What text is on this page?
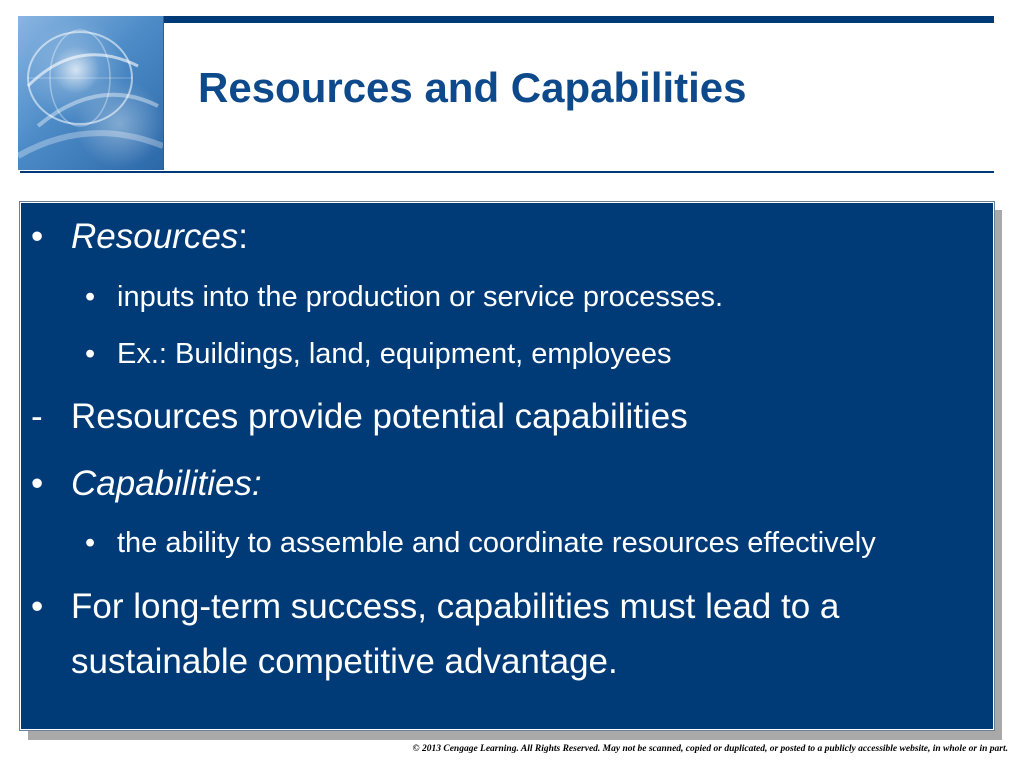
Resources and Capabilities
• Resources:
• inputs into the production or service processes.
• Ex.: Buildings, land, equipment, employees
- Resources provide potential capabilities
• Capabilities:
• the ability to assemble and coordinate resources effectively
• For long-term success, capabilities must lead to a
sustainable competitive advantage.
© 2013 Cengage Learning. All Rights Reserved. May not be scanned, copied or duplicated, or posted to a publicly accessible website, in whole or in part.
